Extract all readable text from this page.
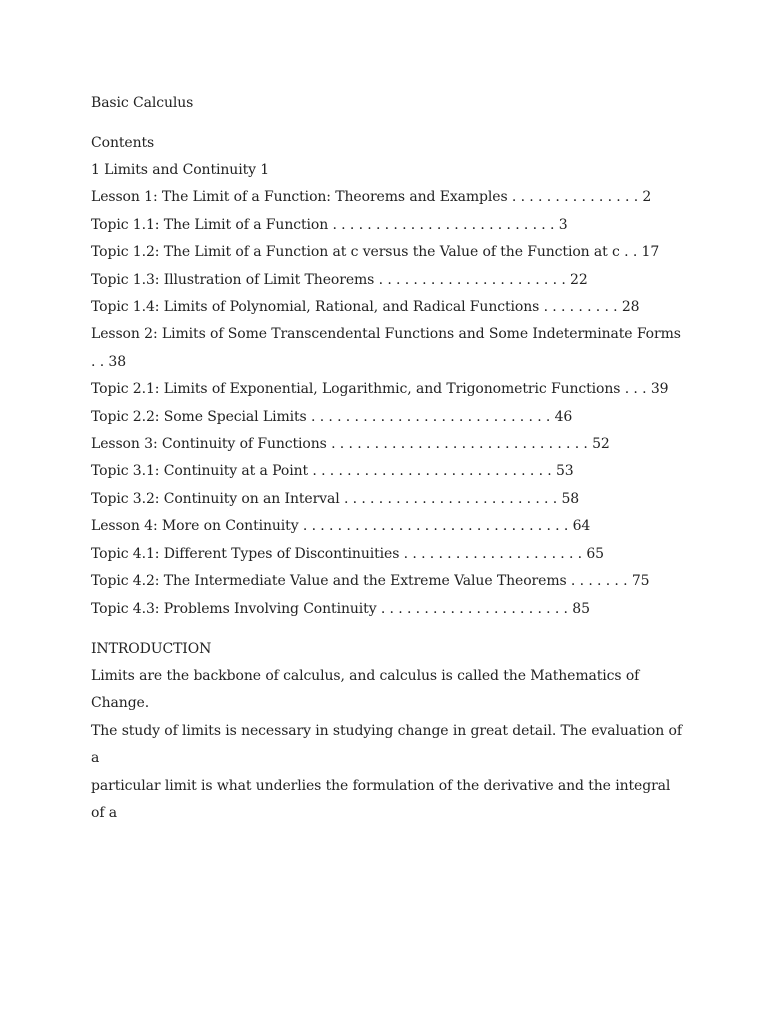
Basic Calculus
Contents
1 Limits and Continuity 1
Lesson 1: The Limit of a Function: Theorems and Examples . . . . . . . . . . . . . . . 2
Topic 1.1: The Limit of a Function . . . . . . . . . . . . . . . . . . . . . . . . . . 3
Topic 1.2: The Limit of a Function at c versus the Value of the Function at c . . 17
Topic 1.3: Illustration of Limit Theorems . . . . . . . . . . . . . . . . . . . . . . 22
Topic 1.4: Limits of Polynomial, Rational, and Radical Functions . . . . . . . . . 28
Lesson 2: Limits of Some Transcendental Functions and Some Indeterminate Forms . . 38
Topic 2.1: Limits of Exponential, Logarithmic, and Trigonometric Functions . . . 39
Topic 2.2: Some Special Limits . . . . . . . . . . . . . . . . . . . . . . . . . . . . 46
Lesson 3: Continuity of Functions . . . . . . . . . . . . . . . . . . . . . . . . . . . . . . 52
Topic 3.1: Continuity at a Point . . . . . . . . . . . . . . . . . . . . . . . . . . . . 53
Topic 3.2: Continuity on an Interval . . . . . . . . . . . . . . . . . . . . . . . . . 58
Lesson 4: More on Continuity . . . . . . . . . . . . . . . . . . . . . . . . . . . . . . . 64
Topic 4.1: Different Types of Discontinuities . . . . . . . . . . . . . . . . . . . . . 65
Topic 4.2: The Intermediate Value and the Extreme Value Theorems . . . . . . . 75
Topic 4.3: Problems Involving Continuity . . . . . . . . . . . . . . . . . . . . . . 85
INTRODUCTION
Limits are the backbone of calculus, and calculus is called the Mathematics of Change.
The study of limits is necessary in studying change in great detail. The evaluation of a
particular limit is what underlies the formulation of the derivative and the integral of a
